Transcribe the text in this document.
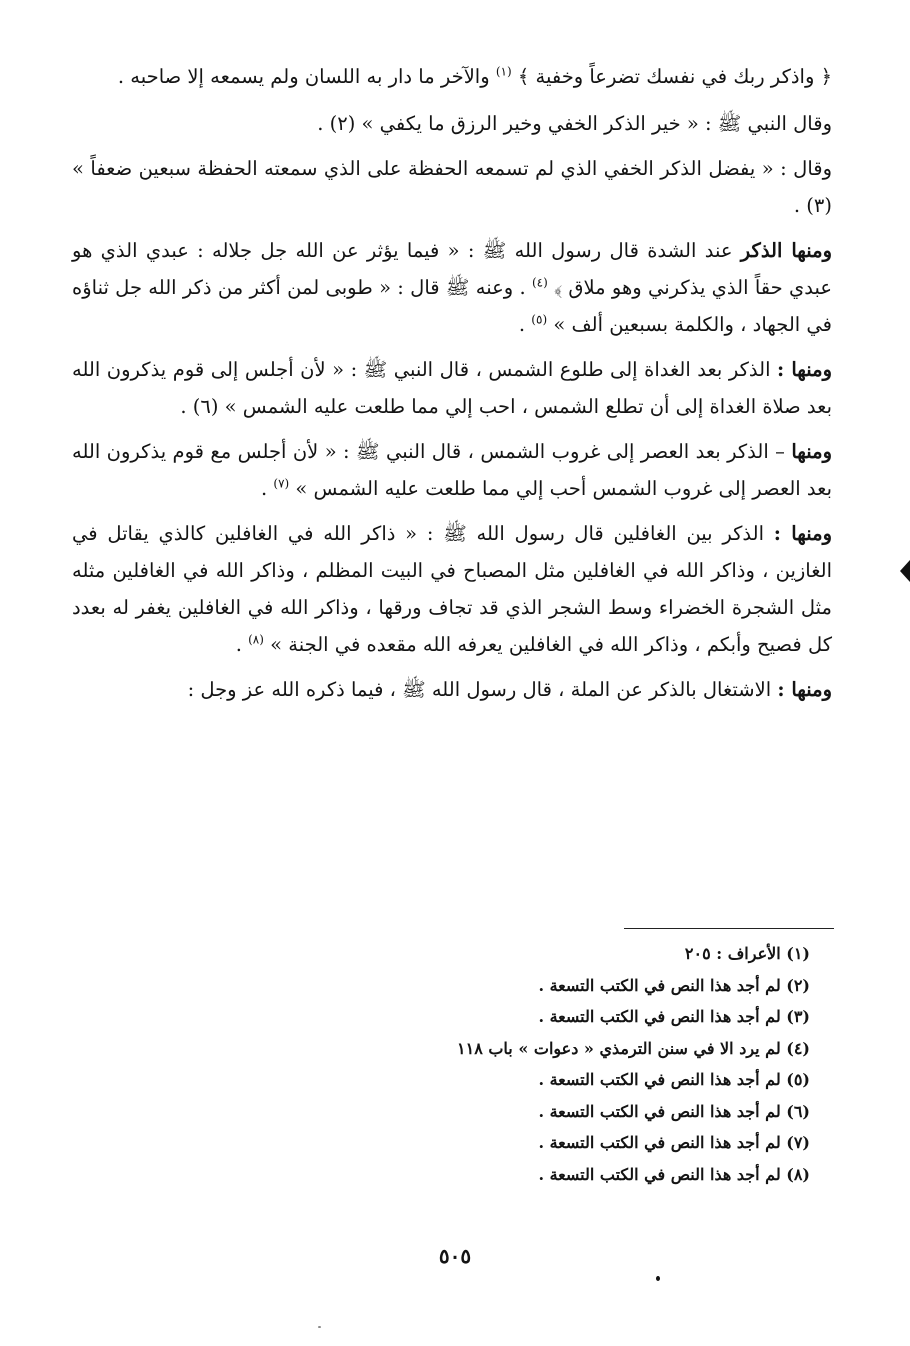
﴿ واذكر ربك في نفسك تضرعاً وخفية ﴾ $^{(١)}$ والآخر ما دار به اللسان ولم يسمعه إلا صاحبه .

وقال النبي ﷺ : « خير الذكر الخفي وخير الرزق ما يكفي » (٢) .

وقال : « يفضل الذكر الخفي الذي لم تسمعه الحفظة على الذي سمعته الحفظة سبعين ضعفاً » (٣) .

ومنها الذكر عند الشدة قال رسول الله ﷺ : « فيما يؤثر عن الله جل جلاله : عبدي الذي هو عبدي حقاً الذي يذكرني وهو ملاق ﴾ $^{(٤)}$ . وعنه ﷺ قال : « طوبى لمن أكثر من ذكر الله جل ثناؤه في الجهاد ، والكلمة بسبعين ألف » $^{(٥)}$ .

ومنها : الذكر بعد الغداة إلى طلوع الشمس ، قال النبي ﷺ : « لأن أجلس إلى قوم يذكرون الله بعد صلاة الغداة إلى أن تطلع الشمس ، احب إلي مما طلعت عليه الشمس » (٦) .

ومنها – الذكر بعد العصر إلى غروب الشمس ، قال النبي ﷺ : « لأن أجلس مع قوم يذكرون الله بعد العصر إلى غروب الشمس أحب إلي مما طلعت عليه الشمس » $^{(٧)}$ .

ومنها : الذكر بين الغافلين قال رسول الله ﷺ : « ذاكر الله في الغافلين كالذي يقاتل في الغازين ، وذاكر الله في الغافلين مثل المصباح في البيت المظلم ، وذاكر الله في الغافلين مثله مثل الشجرة الخضراء وسط الشجر الذي قد تجاف ورقها ، وذاكر الله في الغافلين يغفر له بعدد كل فصيح وأبكم ، وذاكر الله في الغافلين يعرفه الله مقعده في الجنة » $^{(٨)}$ .

ومنها : الاشتغال بالذكر عن الملة ، قال رسول الله ﷺ ، فيما ذكره الله عز وجل :

(١) الأعراف : ٢٠٥

(٢) لم أجد هذا النص في الكتب التسعة .

(٣) لم أجد هذا النص في الكتب التسعة .

(٤) لم يرد الا في سنن الترمذي « دعوات » باب ١١٨

(٥) لم أجد هذا النص في الكتب التسعة .

(٦) لم أجد هذا النص في الكتب التسعة .

(٧) لم أجد هذا النص في الكتب التسعة .

(٨) لم أجد هذا النص في الكتب التسعة .

٥٠٥
